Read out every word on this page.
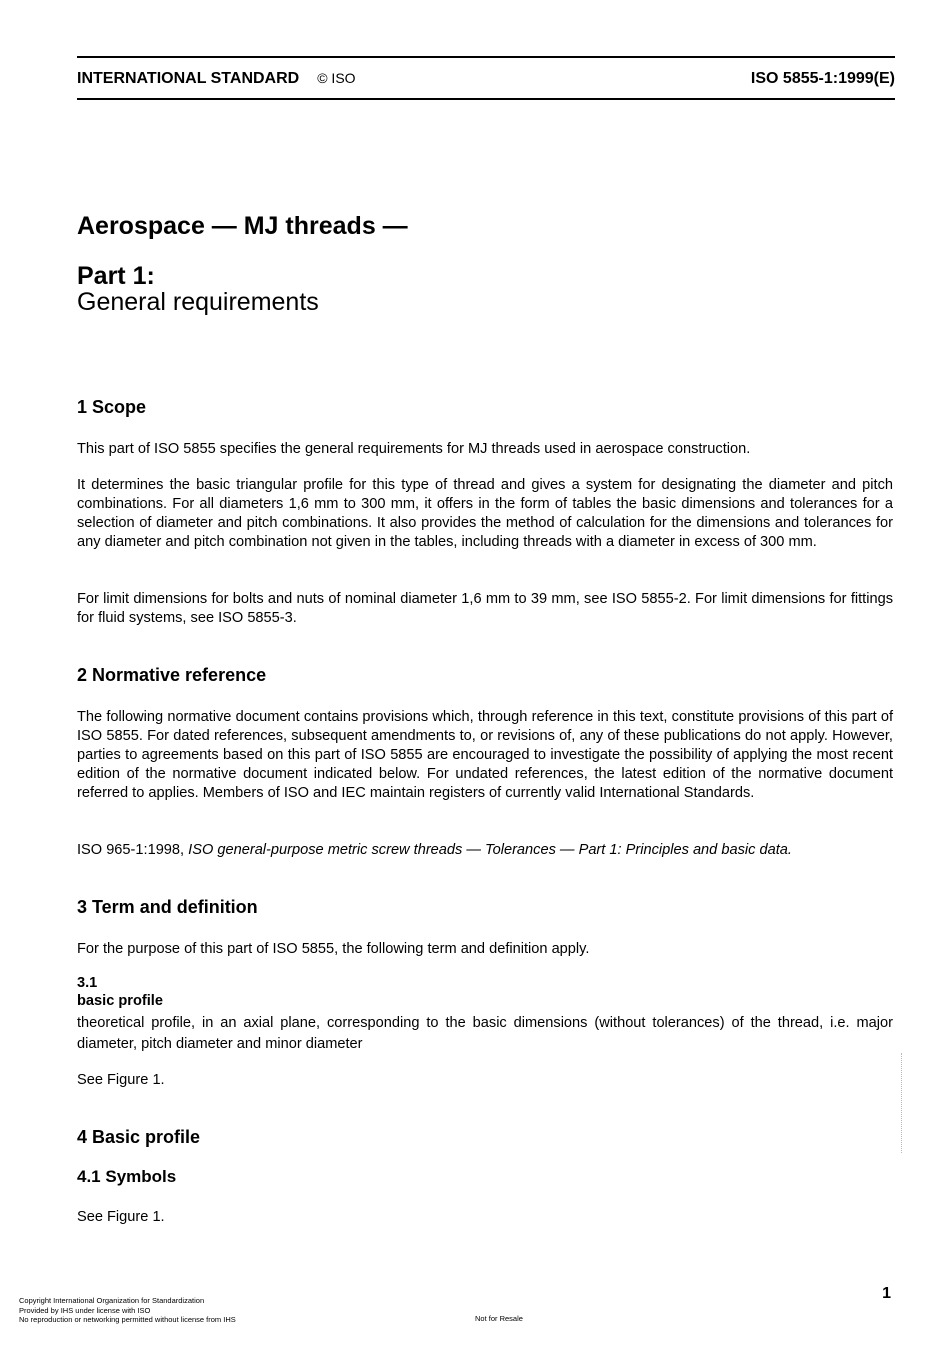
INTERNATIONAL STANDARD © ISO	ISO 5855-1:1999(E)
Aerospace — MJ threads —
Part 1:
General requirements
1 Scope
This part of ISO 5855 specifies the general requirements for MJ threads used in aerospace construction.
It determines the basic triangular profile for this type of thread and gives a system for designating the diameter and pitch combinations. For all diameters 1,6 mm to 300 mm, it offers in the form of tables the basic dimensions and tolerances for a selection of diameter and pitch combinations. It also provides the method of calculation for the dimensions and tolerances for any diameter and pitch combination not given in the tables, including threads with a diameter in excess of 300 mm.
For limit dimensions for bolts and nuts of nominal diameter 1,6 mm to 39 mm, see ISO 5855-2. For limit dimensions for fittings for fluid systems, see ISO 5855-3.
2 Normative reference
The following normative document contains provisions which, through reference in this text, constitute provisions of this part of ISO 5855. For dated references, subsequent amendments to, or revisions of, any of these publications do not apply. However, parties to agreements based on this part of ISO 5855 are encouraged to investigate the possibility of applying the most recent edition of the normative document indicated below. For undated references, the latest edition of the normative document referred to applies. Members of ISO and IEC maintain registers of currently valid International Standards.
ISO 965-1:1998, ISO general-purpose metric screw threads — Tolerances — Part 1: Principles and basic data.
3 Term and definition
For the purpose of this part of ISO 5855, the following term and definition apply.
3.1
basic profile
theoretical profile, in an axial plane, corresponding to the basic dimensions (without tolerances) of the thread, i.e. major diameter, pitch diameter and minor diameter
See Figure 1.
4 Basic profile
4.1 Symbols
See Figure 1.
1
Copyright International Organization for Standardization
Provided by IHS under license with ISO
No reproduction or networking permitted without license from IHS	Not for Resale
